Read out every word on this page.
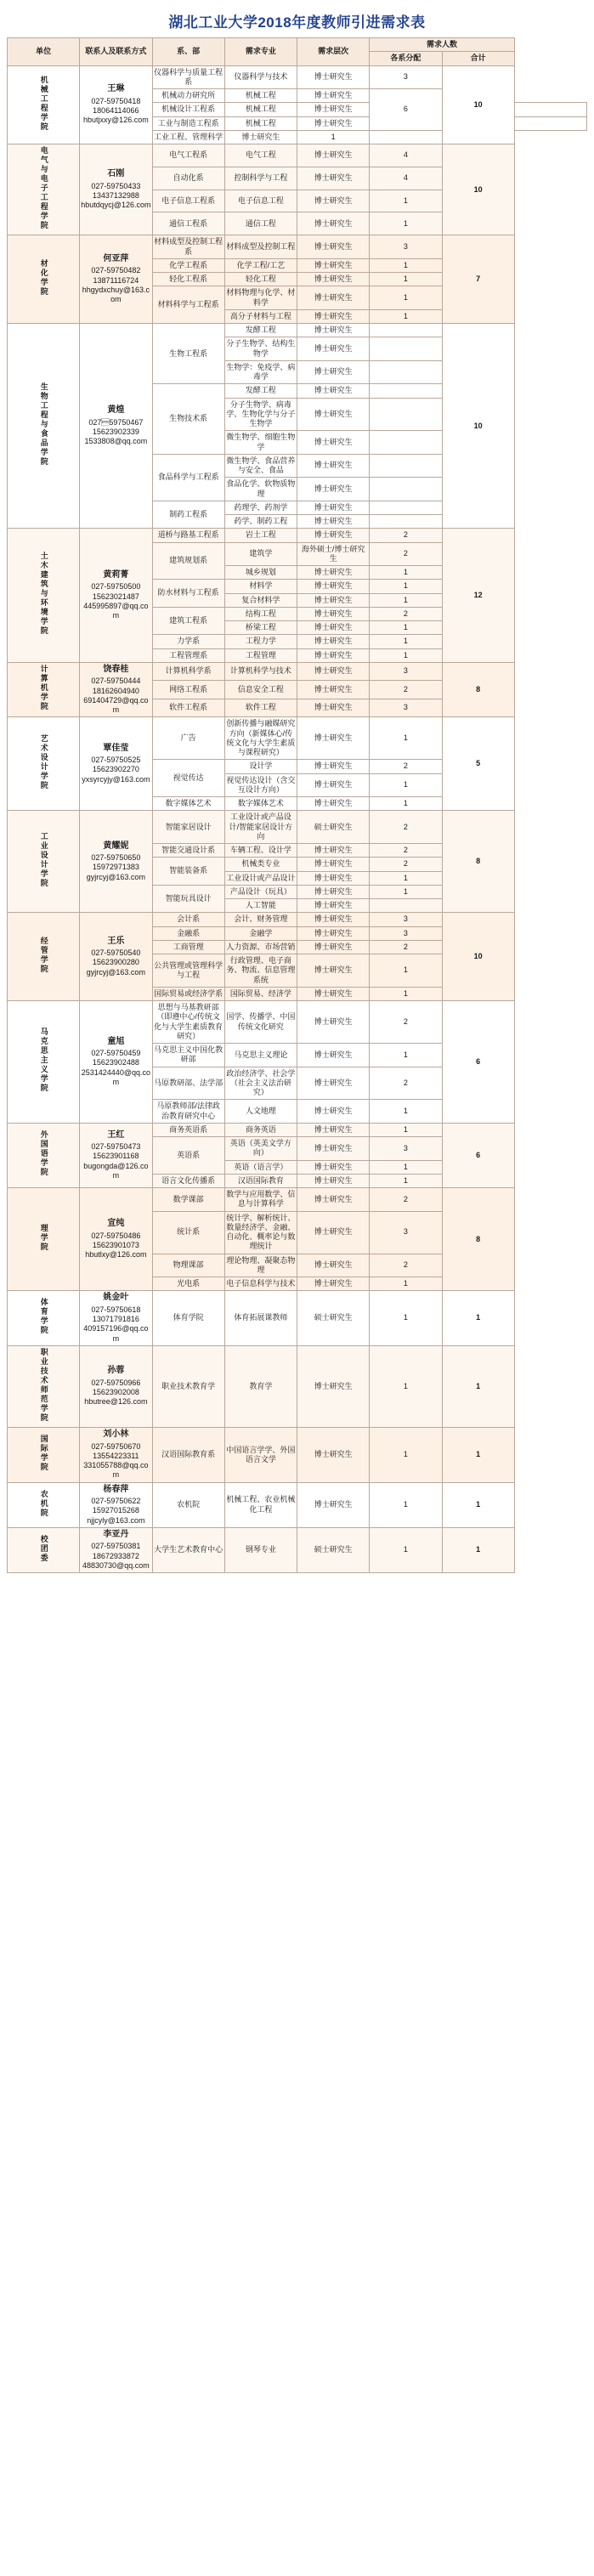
湖北工业大学2018年度教师引进需求表
单位	联系人及联系方式	系、部	需求专业	需求层次	需求人数		
					各系分配	合计	
机械工程学院	王琳
027-59750418
18064114066
hbutjxxy@126.com	仪器科学与质量工程系	仪器科学与技术	博士研究生	3	10	
		机械动力研究所	机械工程	博士研究生	6		
		机械设计工程系	机械工程	博士研究生			
		工业与制造工程系	机械工程	博士研究生			
		工业工程、管理科学	博士研究生	1			
电气与电子工程学院	石刚
027-59750433
13437132988
hbutdqycj@126.com	电气工程系	电气工程	博士研究生	4	10	
		自动化系	控制科学与工程	博士研究生	4		
		电子信息工程系	电子信息工程	博士研究生	1		
		通信工程系	通信工程	博士研究生	1		
材化学院	何亚萍
027-59750482
13871116724
hhgydxchuy@163.com	材料成型及控制工程系	材料成型及控制工程	博士研究生	3	7	
		化学工程系	化学工程/工艺	博士研究生	1		
		轻化工程系	轻化工程	博士研究生	1		
		材料科学与工程系	材料物理与化学、材料学	博士研究生	1		
			高分子材料与工程	博士研究生	1		
生物工程与食品学院	黄煌
02759750467
15623902339
1533808@qq.com	生物工程系	发酵工程	博士研究生		10	
			分子生物学、结构生物学	博士研究生			
			生物学：免疫学、病毒学	博士研究生			
		生物技术系	发酵工程	博士研究生			
			分子生物学、病毒学、生物化学与分子生物学	博士研究生			
			微生物学、细胞生物学	博士研究生			
		食品科学与工程系	微生物学、食品营养与安全、食品	博士研究生			
			食品化学、软物质物理	博士研究生			
		制药工程系	药理学、药剂学	博士研究生			
			药学、制药工程	博士研究生			
土木建筑与环境学院	黄莉菁
027-59750500
15623021487
445995897@qq.com	道桥与路基工程系	岩土工程	博士研究生	2	12	
		建筑规划系	建筑学	海外硕士/博士研究生	2		
			城乡规划	博士研究生	1		
		防水材料与工程系	材料学	博士研究生	1		
			复合材料学	博士研究生	1		
		建筑工程系	结构工程	博士研究生	2		
			桥梁工程	博士研究生	1		
		力学系	工程力学	博士研究生	1		
		工程管理系	工程管理	博士研究生	1		
计算机学院	饶春桂
027-59750444
18162604940
691404729@qq.com	计算机科学系	计算机科学与技术	博士研究生	3	8	
		网络工程系	信息安全工程	博士研究生	2		
		软件工程系	软件工程	博士研究生	3		
艺术设计学院	覃佳莹
027-59750525
15623902270
yxsyrcyjy@163.com	广告	创新传播与融媒研究方向（新媒体心/传统文化与大学生素质与课程研究）	博士研究生	1	5	
		视觉传达	设计学	博士研究生	2		
			视觉传达设计（含交互设计方向）	博士研究生	1		
		数字媒体艺术	数字媒体艺术	博士研究生	1		
工业设计学院	黄耀妮
027-59750650
15972971383
gyjrcyj@163.com	智能家居设计	工业设计或产品设计/智能家居设计方向	硕士研究生	2	8	
		智能交通设计系	车辆工程、设计学	博士研究生	2		
		智能装备系	机械类专业	博士研究生	2		
			工业设计或产品设计	博士研究生	1		
		智能玩具设计	产品设计（玩具）	博士研究生	1		
			人工智能	博士研究生			
经管学院	王乐
027-59750540
15623900280
gyjrcyj@163.com	会计系	会计、财务管理	博士研究生	3	10	
		金融系	金融学	博士研究生	3		
		工商管理	人力资源、市场营销	博士研究生	2		
		公共管理或管理科学与工程	行政管理、电子商务、物流、信息管理系统	博士研究生	1		
		国际贸易或经济学系	国际贸易、经济学	博士研究生	1		
马克思主义学院	童旭
027-59750459
15623902488
2531424440@qq.com	思想与马基教研部（即遵中心/传统文化与大学生素质教育研究）	国学、传播学、中国传统文化研究	博士研究生	2	6	
		马克思主义中国化教研部	马克思主义理论	博士研究生	1		
		马原教研部、法学部	政治经济学、社会学（社会主义法治研究）	博士研究生	2		
		马原教师部/法律政治教育研究中心	人文地理	博士研究生	1		
外国语学院	王红
027-59750473
15623901168
bugongda@126.com	商务英语系	商务英语	博士研究生	1	6	
		英语系	英语（英美文学方向）	博士研究生	3		
			英语（语言学）	博士研究生	1		
		语言文化传播系	汉语国际教育	博士研究生	1		
理学院	宣纯
027-59750486
15623901073
hbutlxy@126.com	数学课部	数学与应用数学、信息与计算科学	博士研究生	2	8	
		统计系	统计学、解析统计、数量经济学、金融、自动化、概率论与数理统计	博士研究生	3		
		物理课部	理论物理、凝聚态物理	博士研究生	2		
		光电系	电子信息科学与技术	博士研究生	1		
体育学院	姚金叶
027-59750618
13071791816
409157196@qq.com	体育学院	体育拓展课教师	硕士研究生	1	1	
职业技术师范学院	孙蓉
027-59750966
15623902008
hbutree@126.com	职业技术教育学	教育学	博士研究生	1	1	
国际学院	刘小林
027-59750670
13554223311
331055788@qq.com	汉语国际教育系	中国语言学学、外国语言文学	博士研究生	1	1	
农机院	杨春萍
027-59750622
15927015268
njjcyly@163.com	农机院	机械工程、农业机械化工程	博士研究生	1	1	
校团委	李亚丹
027-59750381
18672933872
48830730@qq.com	大学生艺术教育中心	钢琴专业	硕士研究生	1	1	
